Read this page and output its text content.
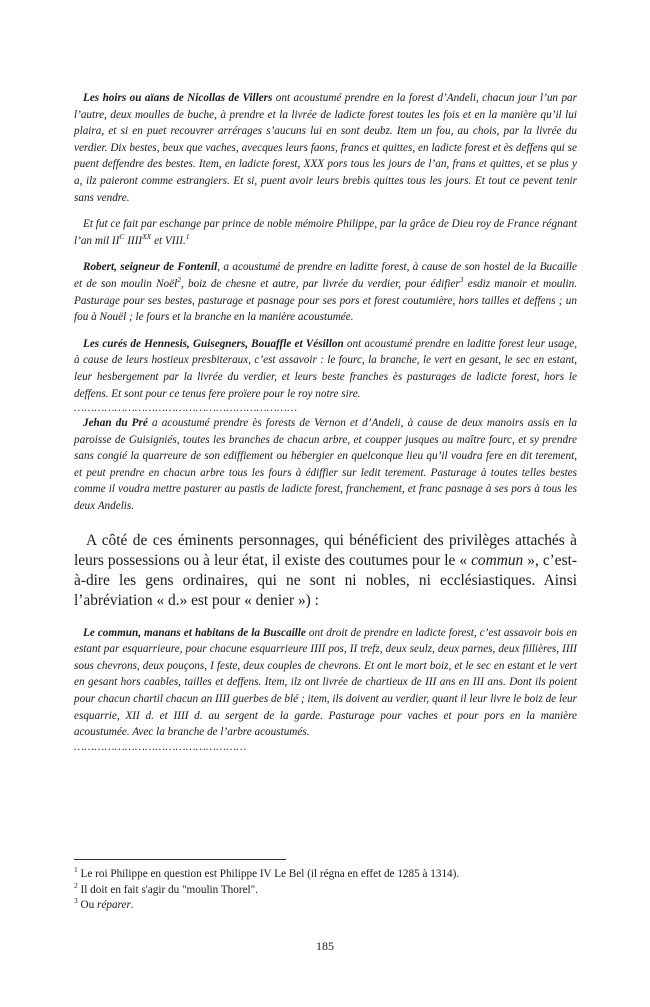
Les hoirs ou aïans de Nicollas de Villers ont acoustumé prendre en la forest d’Andeli, chacun jour l’un par l’autre, deux moulles de buche, à prendre et la livrée de ladicte forest toutes les fois et en la manière qu’il lui plaira, et si en puet recouvrer arrérages s’aucuns lui en sont deubz. Item un fou, au chois, par la livrée du verdier. Dix bestes, beux que vaches, avecques leurs faons, francs et quittes, en ladicte forest et ès deffens qui se puent deffendre des bestes. Item, en ladicte forest, XXX pors tous les jours de l’an, frans et quittes, et se plus y a, ilz paieront comme estrangiers. Et si, puent avoir leurs brebis quittes tous les jours. Et tout ce pevent tenir sans vendre.

Et fut ce fait par eschange par prince de noble mémoire Philippe, par la grâce de Dieu roy de France régnant l’an mil $II^C$ $IIII^{XX}$ et VIII.$^1$

Robert, seigneur de Fontenil, a acoustumé de prendre en laditte forest, à cause de son hostel de la Bucaille et de son moulin Noël$^2$, boiz de chesne et autre, par livrée du verdier, pour édifier$^3$ esdiz manoir et moulin. Pasturage pour ses bestes, pasturage et pasnage pour ses pors et forest coutumière, hors tailles et deffens ; un fou à Nouël ; le fours et la branche en la manière acoustumée.

Les curés de Hennesis, Guisegners, Bouaffle et Vésillon ont acoustumé prendre en laditte forest leur usage, à cause de leurs hostieux presbiteraux, c’est assavoir : le fourc, la branche, le vert en gesant, le sec en estant, leur hesbergement par la livrée du verdier, et leurs beste franches ès pasturages de ladicte forest, hors le deffens. Et sont pour ce tenus fere proïere pour le roy notre sire.

…………………………………………………………

Jehan du Pré a acoustumé prendre ès forests de Vernon et d’Andeli, à cause de deux manoirs assis en la paroisse de Guisigniés, toutes les branches de chacun arbre, et coupper jusques au maître fourc, et sy prendre sans congié la quarreure de son ediffiement ou hébergier en quelconque lieu qu’il voudra fere en dit terement, et peut prendre en chacun arbre tous les fours à édiffier sur ledit terement. Pasturage à toutes telles bestes comme il voudra mettre pasturer au pastis de ladicte forest, franchement, et franc pasnage à ses pors à tous les deux Andelis.

A côté de ces éminents personnages, qui bénéficient des privilèges attachés à leurs possessions ou à leur état, il existe des coutumes pour le « commun », c’est-à-dire les gens ordinaires, qui ne sont ni nobles, ni ecclésiastiques. Ainsi l’abréviation « d.» est pour « denier ») :

Le commun, manans et habitans de la Buscaille ont droit de prendre en ladicte forest, c’est assavoir bois en estant par esquarrieure, pour chacune esquarrieure IIII pos, II trefz, deux seulz, deux parnes, deux fillières, IIII sous chevrons, deux pouçons, I feste, deux couples de chevrons. Et ont le mort boiz, et le sec en estant et le vert en gesant hors caables, tailles et deffens. Item, ilz ont livrée de chartieux de III ans en III ans. Dont ils poient pour chacun chartil chacun an IIII guerbes de blé ; item, ils doivent au verdier, quant il leur livre le boiz de leur esquarrie, XII d. et IIII d. au sergent de la garde. Pasturage pour vaches et pour pors en la manière acoustumée. Avec la branche de l’arbre acoustumés.

……………………………………………

$^1$ Le roi Philippe en question est Philippe IV Le Bel (il régna en effet de 1285 à 1314).

$^2$ Il doit en fait s'agir du "moulin Thorel".

$^3$ Ou réparer.

185
